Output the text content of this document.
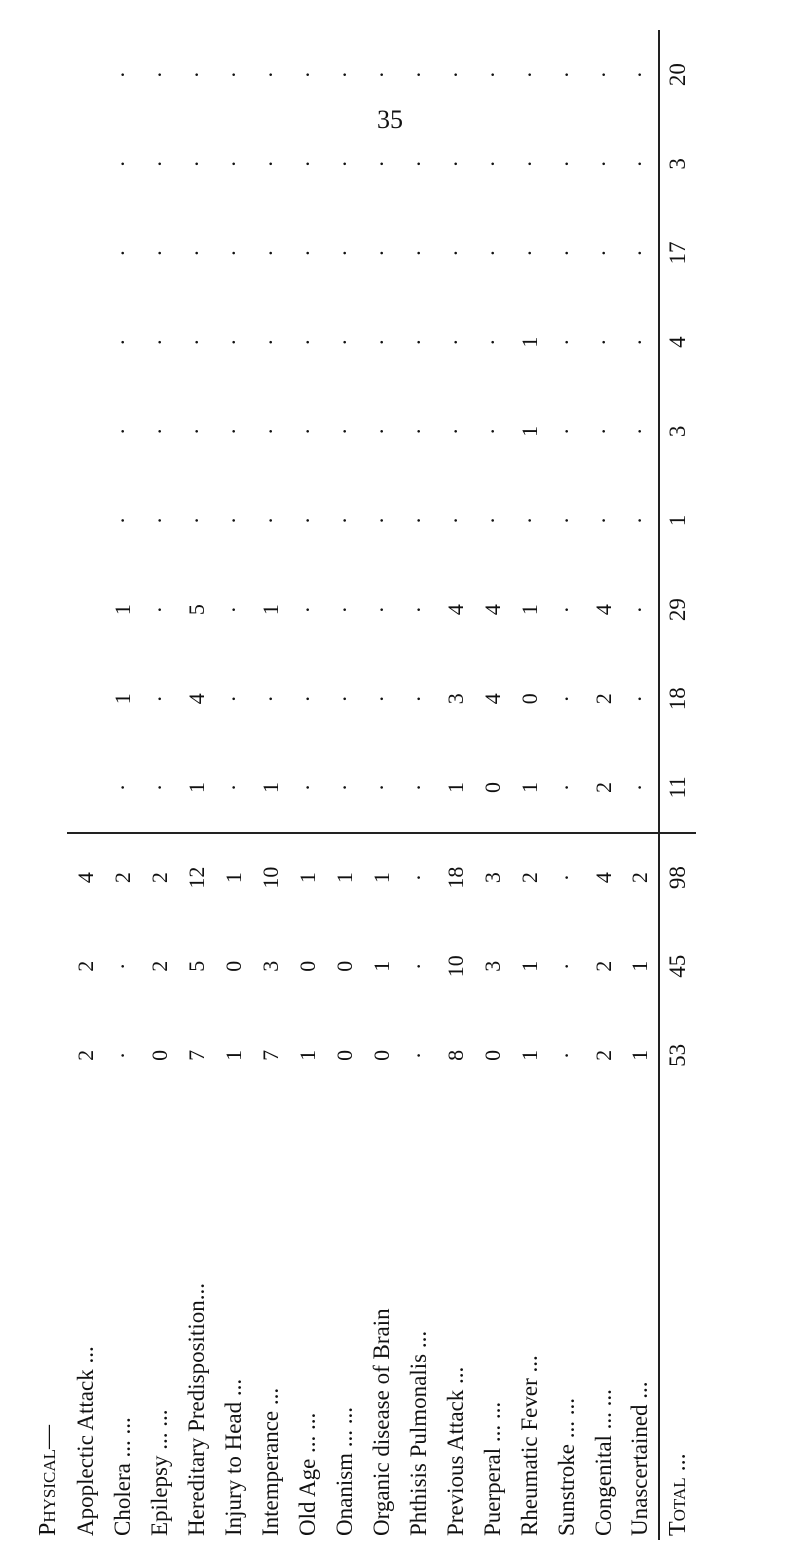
35
Physical—												
Apoplectic Attack ...	2	2	4									
Cholera ... ...	·	·	2	·	1	1	·	·	·	·	·	·
Epilepsy ... ...	0	2	2	·	·	·	·	·	·	·	·	·
Hereditary Predisposition...	7	5	12	1	4	5	·	·	·	·	·	·
Injury to Head ...	1	0	1	·	·	·	·	·	·	·	·	·
Intemperance ...	7	3	10	1	·	1	·	·	·	·	·	·
Old Age ... ...	1	0	1	·	·	·	·	·	·	·	·	·
Onanism ... ...	0	0	1	·	·	·	·	·	·	·	·	·
Organic disease of Brain	0	1	1	·	·	·	·	·	·	·	·	·
Phthisis Pulmonalis ...	·	·	·	·	·	·	·	·	·	·	·	·
Previous Attack ...	8	10	18	1	3	4	·	·	·	·	·	·
Puerperal ... ...	0	3	3	0	4	4	·	·	·	·	·	·
Rheumatic Fever ...	1	1	2	1	0	1	·	1	1	·	·	·
Sunstroke ... ...	·	·	·	·	·	·	·	·	·	·	·	·
Congenital ... ...	2	2	4	2	2	4	·	·	·	·	·	·
Unascertained ...	1	1	2	·	·	·	·	·	·	·	·	·
Total ...	53	45	98	11	18	29	1	3	4	17	3	20
